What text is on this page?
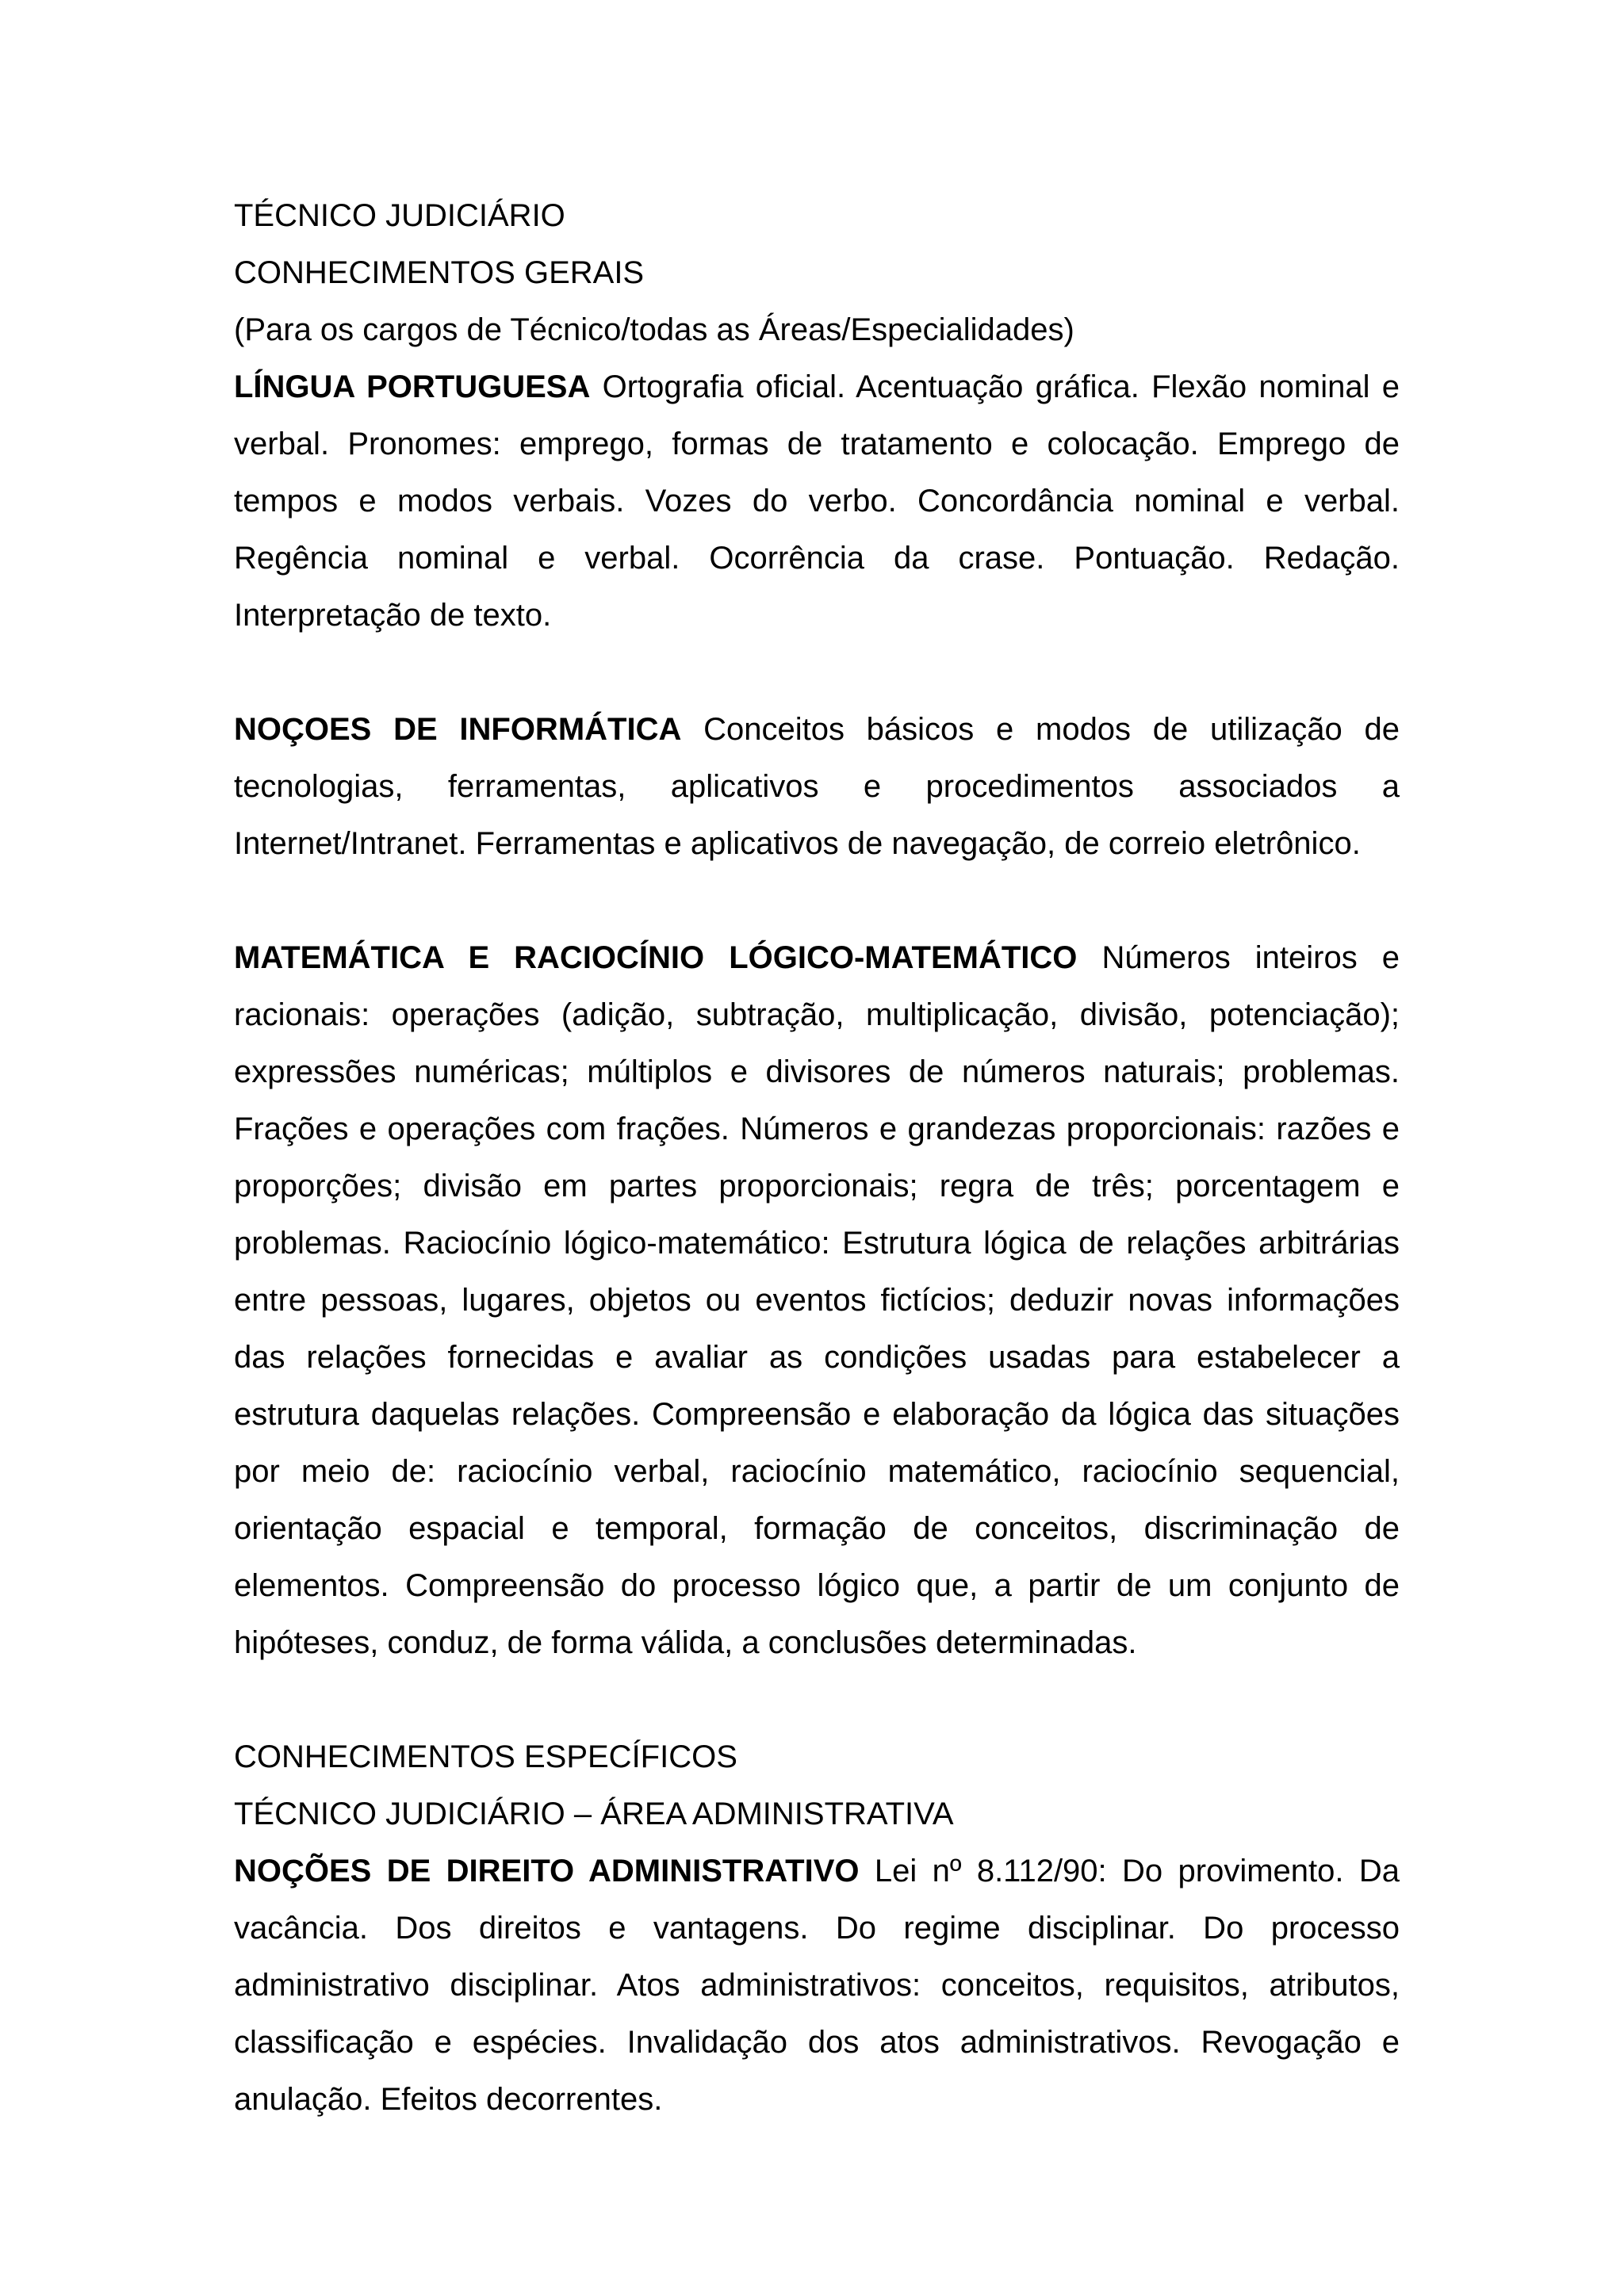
TÉCNICO JUDICIÁRIO

CONHECIMENTOS GERAIS

(Para os cargos de Técnico/todas as Áreas/Especialidades)

LÍNGUA PORTUGUESA Ortografia oficial. Acentuação gráfica. Flexão nominal e verbal. Pronomes: emprego, formas de tratamento e colocação. Emprego de tempos e modos verbais. Vozes do verbo. Concordância nominal e verbal. Regência nominal e verbal. Ocorrência da crase. Pontuação. Redação. Interpretação de texto.

NOÇOES DE INFORMÁTICA Conceitos básicos e modos de utilização de tecnologias, ferramentas, aplicativos e procedimentos associados a Internet/Intranet. Ferramentas e aplicativos de navegação, de correio eletrônico.

MATEMÁTICA E RACIOCÍNIO LÓGICO-MATEMÁTICO Números inteiros e racionais: operações (adição, subtração, multiplicação, divisão, potenciação); expressões numéricas; múltiplos e divisores de números naturais; problemas. Frações e operações com frações. Números e grandezas proporcionais: razões e proporções; divisão em partes proporcionais; regra de três; porcentagem e problemas. Raciocínio lógico-matemático: Estrutura lógica de relações arbitrárias entre pessoas, lugares, objetos ou eventos fictícios; deduzir novas informações das relações fornecidas e avaliar as condições usadas para estabelecer a estrutura daquelas relações. Compreensão e elaboração da lógica das situações por meio de: raciocínio verbal, raciocínio matemático, raciocínio sequencial, orientação espacial e temporal, formação de conceitos, discriminação de elementos. Compreensão do processo lógico que, a partir de um conjunto de hipóteses, conduz, de forma válida, a conclusões determinadas.

CONHECIMENTOS ESPECÍFICOS

TÉCNICO JUDICIÁRIO – ÁREA ADMINISTRATIVA

NOÇÕES DE DIREITO ADMINISTRATIVO Lei nº 8.112/90: Do provimento. Da vacância. Dos direitos e vantagens. Do regime disciplinar. Do processo administrativo disciplinar. Atos administrativos: conceitos, requisitos, atributos, classificação e espécies. Invalidação dos atos administrativos. Revogação e anulação. Efeitos decorrentes.
